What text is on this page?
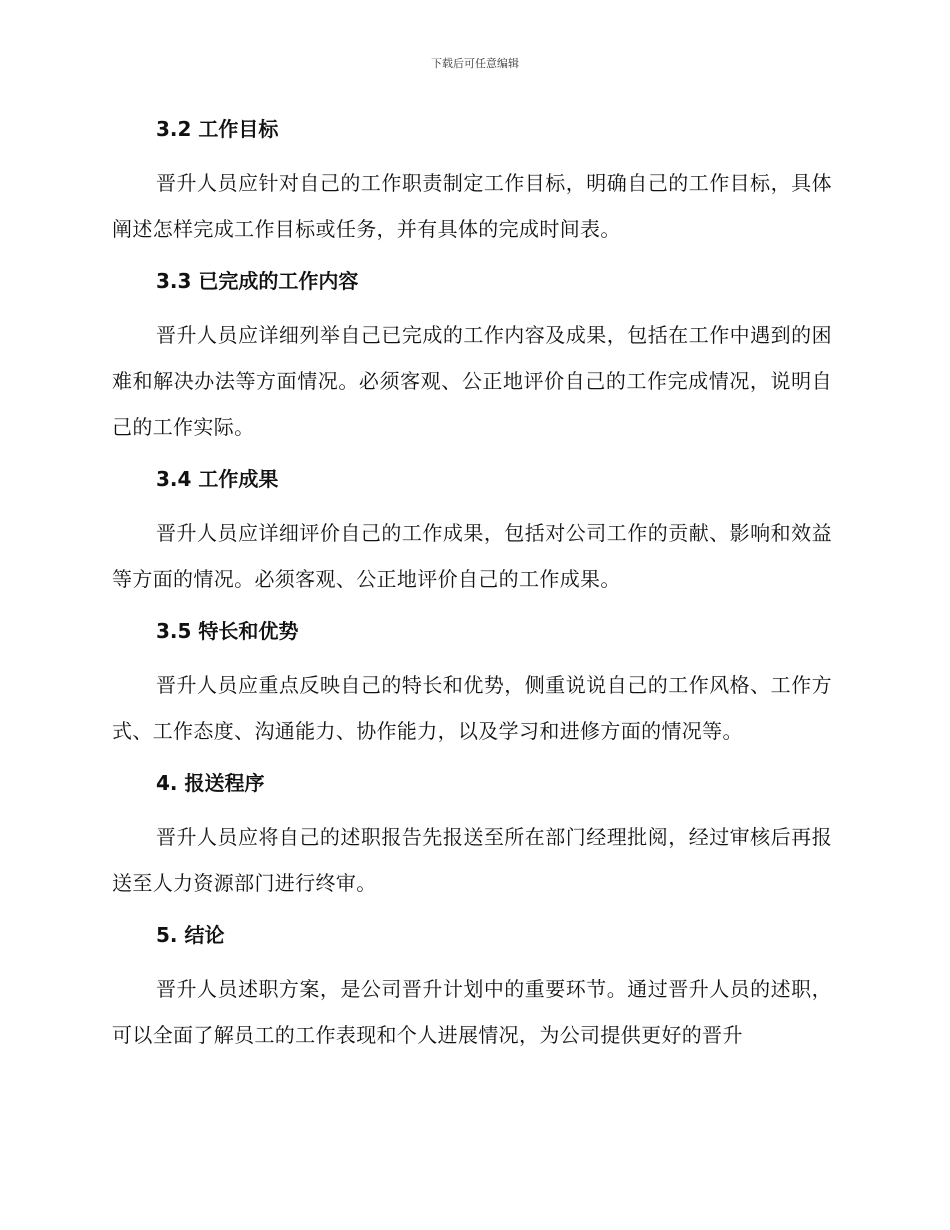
下载后可任意编辑
3.2 工作目标

晋升人员应针对自己的工作职责制定工作目标，明确自己的工作目标，具体阐述怎样完成工作目标或任务，并有具体的完成时间表。

3.3 已完成的工作内容

晋升人员应详细列举自己已完成的工作内容及成果，包括在工作中遇到的困难和解决办法等方面情况。必须客观、公正地评价自己的工作完成情况，说明自己的工作实际。

3.4 工作成果

晋升人员应详细评价自己的工作成果，包括对公司工作的贡献、影响和效益等方面的情况。必须客观、公正地评价自己的工作成果。

3.5 特长和优势

晋升人员应重点反映自己的特长和优势，侧重说说自己的工作风格、工作方式、工作态度、沟通能力、协作能力，以及学习和进修方面的情况等。

4. 报送程序

晋升人员应将自己的述职报告先报送至所在部门经理批阅，经过审核后再报送至人力资源部门进行终审。

5. 结论

晋升人员述职方案，是公司晋升计划中的重要环节。通过晋升人员的述职，可以全面了解员工的工作表现和个人进展情况，为公司提供更好的晋升
